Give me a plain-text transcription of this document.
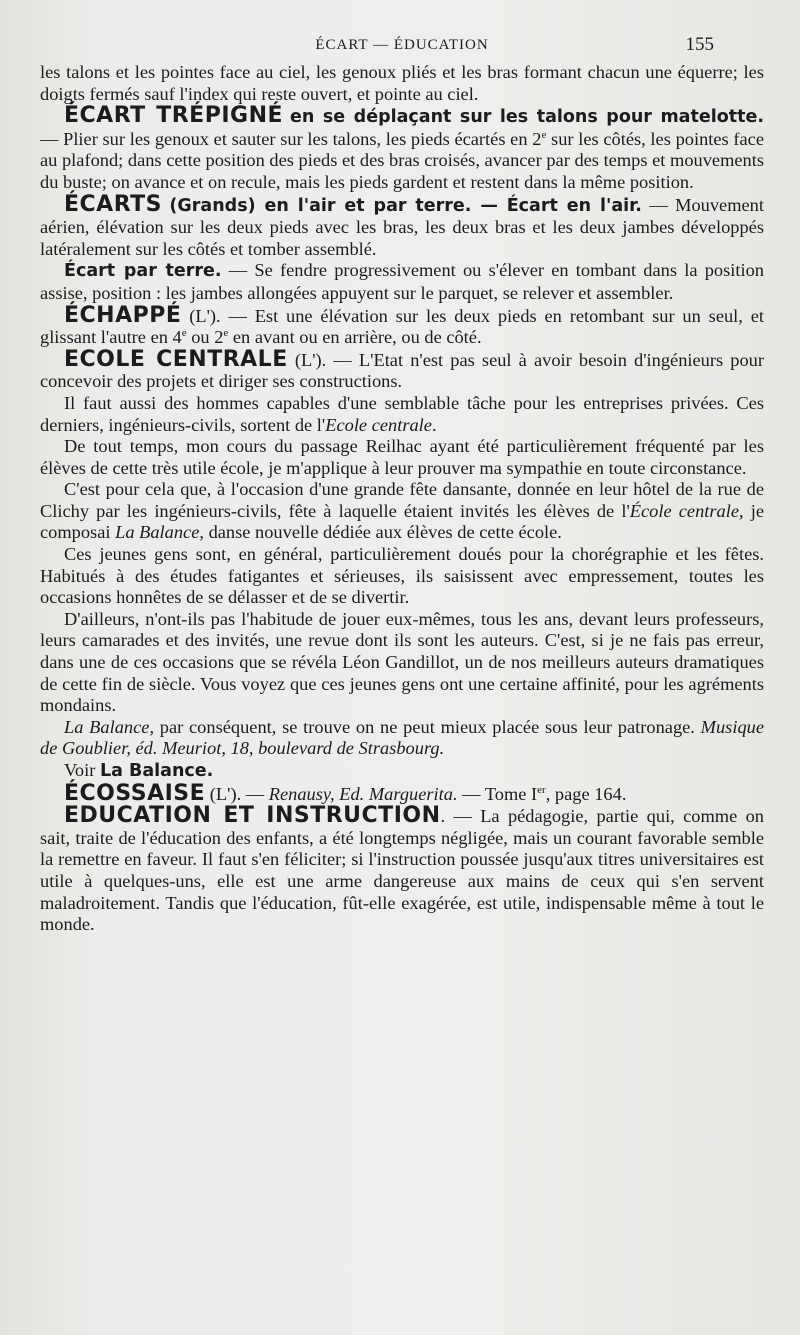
ÉCART — ÉDUCATION	155

les talons et les pointes face au ciel, les genoux pliés et les bras formant chacun une équerre; les doigts fermés sauf l'index qui reste ouvert, et pointe au ciel.

ÉCART TRÉPIGNÉ en se déplaçant sur les talons pour matelotte. — Plier sur les genoux et sauter sur les talons, les pieds écartés en 2e sur les côtés, les pointes face au plafond; dans cette position des pieds et des bras croisés, avancer par des temps et mouvements du buste; on avance et on recule, mais les pieds gardent et restent dans la même position.

ÉCARTS (Grands) en l'air et par terre. — Écart en l'air. — Mouvement aérien, élévation sur les deux pieds avec les bras, les deux bras et les deux jambes développés latéralement sur les côtés et tomber assemblé.

Écart par terre. — Se fendre progressivement ou s'élever en tombant dans la position assise, position : les jambes allongées appuyent sur le parquet, se relever et assembler.

ÉCHAPPÉ (L'). — Est une élévation sur les deux pieds en retombant sur un seul, et glissant l'autre en 4e ou 2e en avant ou en arrière, ou de côté.

ECOLE CENTRALE (L'). — L'Etat n'est pas seul à avoir besoin d'ingénieurs pour concevoir des projets et diriger ses constructions.

Il faut aussi des hommes capables d'une semblable tâche pour les entreprises privées. Ces derniers, ingénieurs-civils, sortent de l'Ecole centrale.

De tout temps, mon cours du passage Reilhac ayant été particulièrement fréquenté par les élèves de cette très utile école, je m'applique à leur prouver ma sympathie en toute circonstance.

C'est pour cela que, à l'occasion d'une grande fête dansante, donnée en leur hôtel de la rue de Clichy par les ingénieurs-civils, fête à laquelle étaient invités les élèves de l'École centrale, je composai La Balance, danse nouvelle dédiée aux élèves de cette école.

Ces jeunes gens sont, en général, particulièrement doués pour la chorégraphie et les fêtes. Habitués à des études fatigantes et sérieuses, ils saisissent avec empressement, toutes les occasions honnêtes de se délasser et de se divertir.

D'ailleurs, n'ont-ils pas l'habitude de jouer eux-mêmes, tous les ans, devant leurs professeurs, leurs camarades et des invités, une revue dont ils sont les auteurs. C'est, si je ne fais pas erreur, dans une de ces occasions que se révéla Léon Gandillot, un de nos meilleurs auteurs dramatiques de cette fin de siècle. Vous voyez que ces jeunes gens ont une certaine affinité, pour les agréments mondains.

La Balance, par conséquent, se trouve on ne peut mieux placée sous leur patronage. Musique de Goublier, éd. Meuriot, 18, boulevard de Strasbourg.

Voir La Balance.

ÉCOSSAISE (L'). — Renausy, Ed. Marguerita. — Tome Ier, page 164.

EDUCATION ET INSTRUCTION. — La pédagogie, partie qui, comme on sait, traite de l'éducation des enfants, a été longtemps négligée, mais un courant favorable semble la remettre en faveur. Il faut s'en féliciter; si l'instruction poussée jusqu'aux titres universitaires est utile à quelques-uns, elle est une arme dangereuse aux mains de ceux qui s'en servent maladroitement. Tandis que l'éducation, fût-elle exagérée, est utile, indispensable même à tout le monde.
